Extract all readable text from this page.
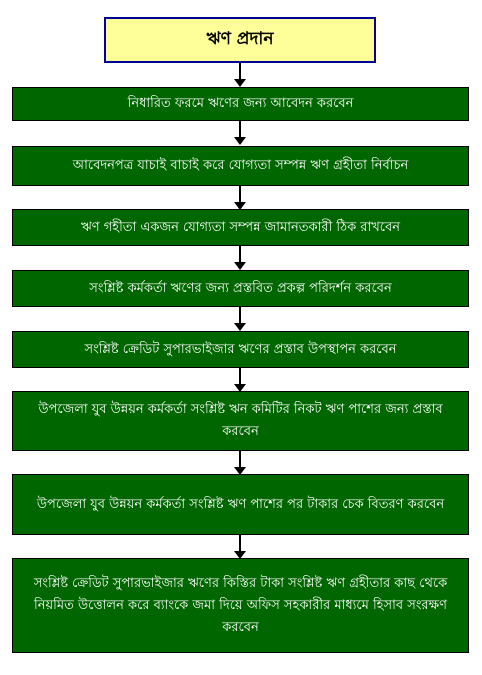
ঋণ প্রদান
নিধারিত ফরমে ঋণের জন্য আবেদন করবেন
আবেদনপত্র যাচাই বাচাই করে যোগ্যতা সম্পন্ন ঋণ গ্রহীতা নির্বাচন
ঋণ গহীতা একজন যোগ্যতা সম্পন্ন জামানতকারী ঠিক রাখবেন
সংশ্লিষ্ট কর্মকর্তা ঋণের জন্য প্রস্তবিত প্রকল্প পরিদর্শন করবেন
সংশ্লিষ্ট ক্রেডিট সুপারভাইজার ঋণের প্রস্তাব উপস্থাপন করবেন
উপজেলা যুব উন্নয়ন কর্মকর্তা সংশ্লিষ্ট ঋন কমিটির নিকট ঋণ পাশের জন্য প্রস্তাব করবেন
উপজেলা যুব উন্নয়ন কর্মকর্তা সংশ্লিষ্ট ঋণ পাশের পর টাকার চেক বিতরণ করবেন
সংশ্লিষ্ট ক্রেডিট সুপারভাইজার ঋণের কিস্তির টাকা সংশ্লিষ্ট ঋণ গ্রহীতার কাছ থেকে নিয়মিত উত্তোলন করে ব্যাংকে জমা দিয়ে অফিস সহকারীর মাধ্যমে হিসাব সংরক্ষণ করবেন
